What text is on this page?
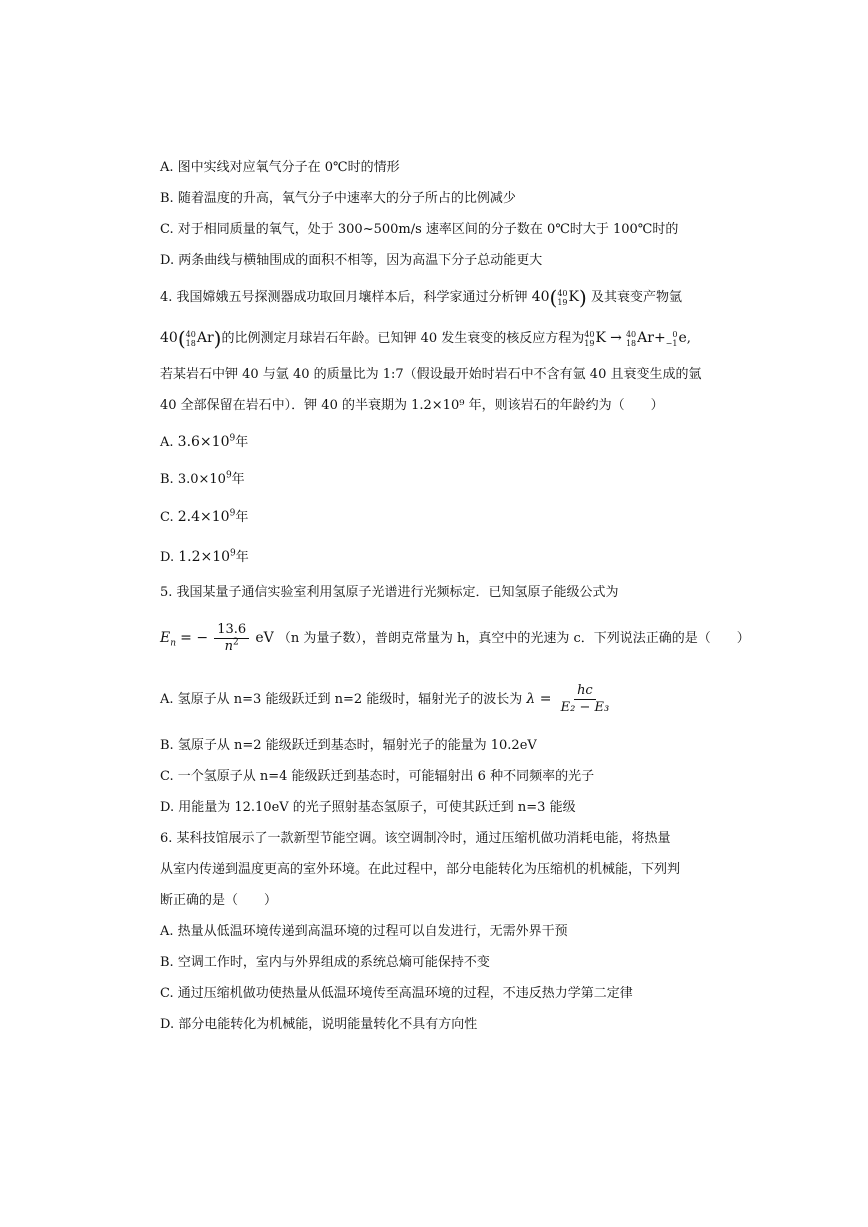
A. 图中实线对应氧气分子在 0℃时的情形
B. 随着温度的升高，氧气分子中速率大的分子所占的比例减少
C. 对于相同质量的氧气，处于 300~500m/s 速率区间的分子数在 0℃时大于 100℃时的
D. 两条曲线与横轴围成的面积不相等，因为高温下分子总动能更大
4. 我国嫦娥五号探测器成功取回月壤样本后，科学家通过分析钾 40( 40
19 K) 及其衰变产物氩
40( 40
18 Ar)的比例测定月球岩石年龄。已知钾 40 发生衰变的核反应方程为 40
19 K → 40
18 Ar+ 0
−1 e,
若某岩石中钾 40 与氩 40 的质量比为 1:7（假设最开始时岩石中不含有氩 40 且衰变生成的氩
40 全部保留在岩石中）．钾 40 的半衰期为 1.2×10⁹ 年，则该岩石的年龄约为（　　）
A. $3.6\times 10^9$年
B. $3.0\times 10^9$年
C. $2.4\times 10^9$年
D. $1.2\times 10^9$年
5. 我国某量子通信实验室利用氢原子光谱进行光频标定．已知氢原子能级公式为
$E_n$ = − $\frac{13.6}{n^2}$ eV （n 为量子数），普朗克常量为 h，真空中的光速为 c．下列说法正确的是（　　）
A. 氢原子从 n=3 能级跃迁到 n=2 能级时，辐射光子的波长为 $\lambda = \frac{hc}{\text{E₂ − E₃}}$
B. 氢原子从 n=2 能级跃迁到基态时，辐射光子的能量为 10.2eV
C. 一个氢原子从 n=4 能级跃迁到基态时，可能辐射出 6 种不同频率的光子
D. 用能量为 12.10eV 的光子照射基态氢原子，可使其跃迁到 n=3 能级
6. 某科技馆展示了一款新型节能空调。该空调制冷时，通过压缩机做功消耗电能，将热量
从室内传递到温度更高的室外环境。在此过程中，部分电能转化为压缩机的机械能，下列判
断正确的是（　　）
A. 热量从低温环境传递到高温环境的过程可以自发进行，无需外界干预
B. 空调工作时，室内与外界组成的系统总熵可能保持不变
C. 通过压缩机做功使热量从低温环境传至高温环境的过程，不违反热力学第二定律
D. 部分电能转化为机械能，说明能量转化不具有方向性
